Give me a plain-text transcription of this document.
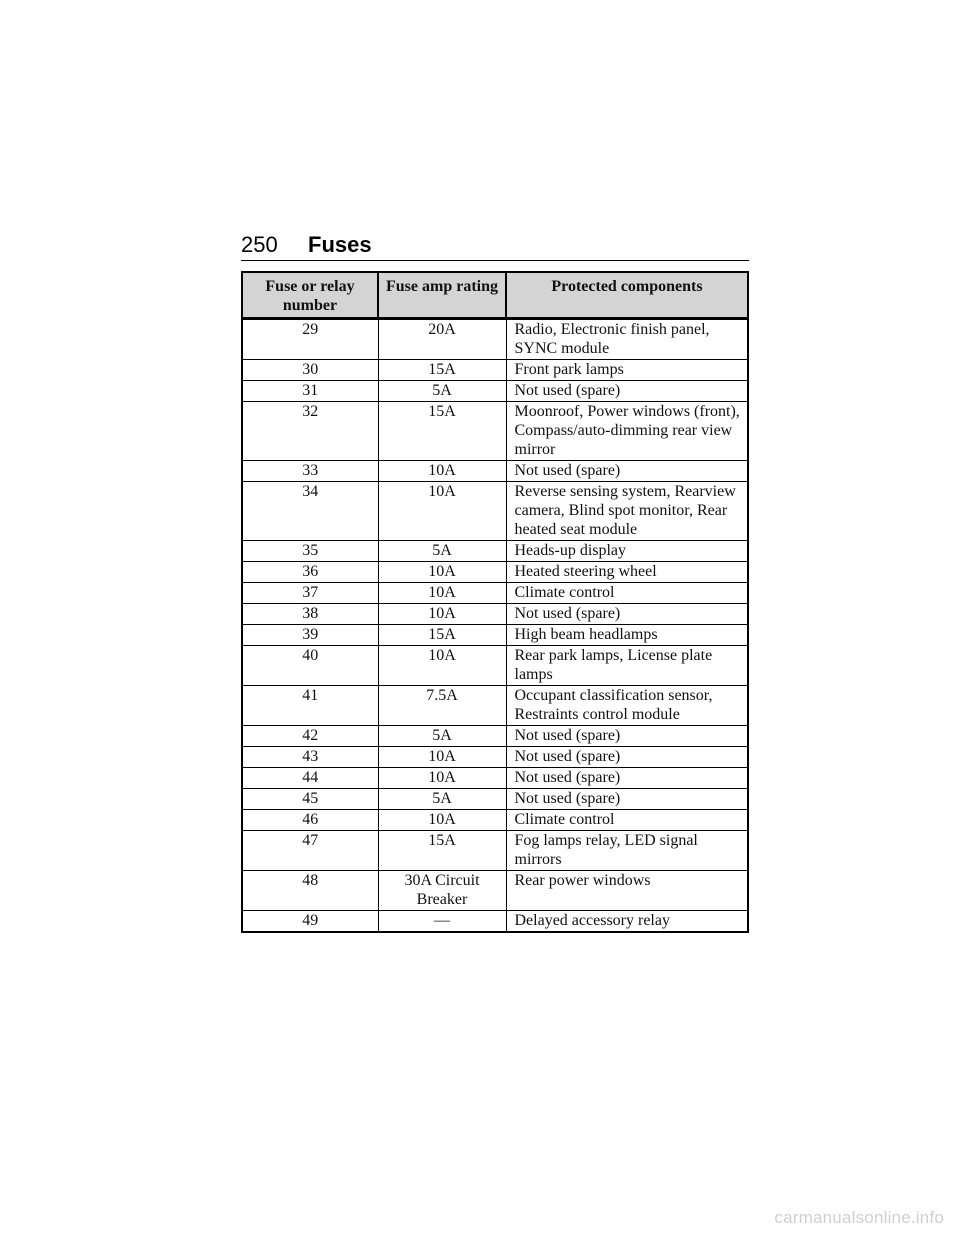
250 Fuses
Fuse or relay number	Fuse amp rating	Protected components
29	20A	Radio, Electronic finish panel, SYNC module
30	15A	Front park lamps
31	5A	Not used (spare)
32	15A	Moonroof, Power windows (front), Compass/auto-dimming rear view mirror
33	10A	Not used (spare)
34	10A	Reverse sensing system, Rearview camera, Blind spot monitor, Rear heated seat module
35	5A	Heads-up display
36	10A	Heated steering wheel
37	10A	Climate control
38	10A	Not used (spare)
39	15A	High beam headlamps
40	10A	Rear park lamps, License plate lamps
41	7.5A	Occupant classification sensor, Restraints control module
42	5A	Not used (spare)
43	10A	Not used (spare)
44	10A	Not used (spare)
45	5A	Not used (spare)
46	10A	Climate control
47	15A	Fog lamps relay, LED signal mirrors
48	30A Circuit Breaker	Rear power windows
49	—	Delayed accessory relay
carmanualsonline.info
